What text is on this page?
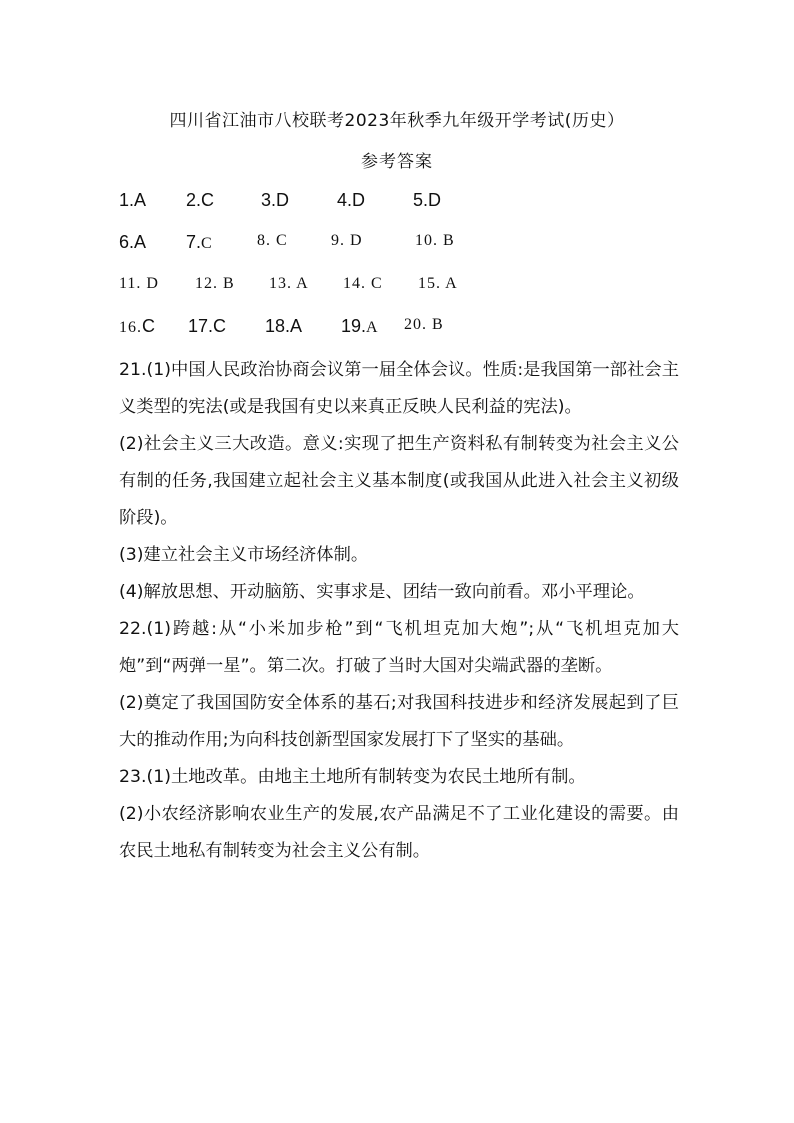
四川省江油市八校联考2023年秋季九年级开学考试(历史）
参考答案
1.A 2.C	3.D	4.D	5.D
6.A 7.C	8. C	9. D	10. B
11. D 12. B 13. A 14. C 15. A
16.C 17.C 18.A 19.A 20. B

21.(1)中国人民政治协商会议第一届全体会议。性质:是我国第一部社会主义类型的宪法(或是我国有史以来真正反映人民利益的宪法)。

(2)社会主义三大改造。意义:实现了把生产资料私有制转变为社会主义公有制的任务,我国建立起社会主义基本制度(或我国从此进入社会主义初级阶段)。

(3)建立社会主义市场经济体制。

(4)解放思想、开动脑筋、实事求是、团结一致向前看。邓小平理论。

22.(1)跨越:从“小米加步枪”到“飞机坦克加大炮”;从“飞机坦克加大炮”到“两弹一星”。第二次。打破了当时大国对尖端武器的垄断。

(2)奠定了我国国防安全体系的基石;对我国科技进步和经济发展起到了巨大的推动作用;为向科技创新型国家发展打下了坚实的基础。

23.(1)土地改革。由地主土地所有制转变为农民土地所有制。

(2)小农经济影响农业生产的发展,农产品满足不了工业化建设的需要。由农民土地私有制转变为社会主义公有制。
